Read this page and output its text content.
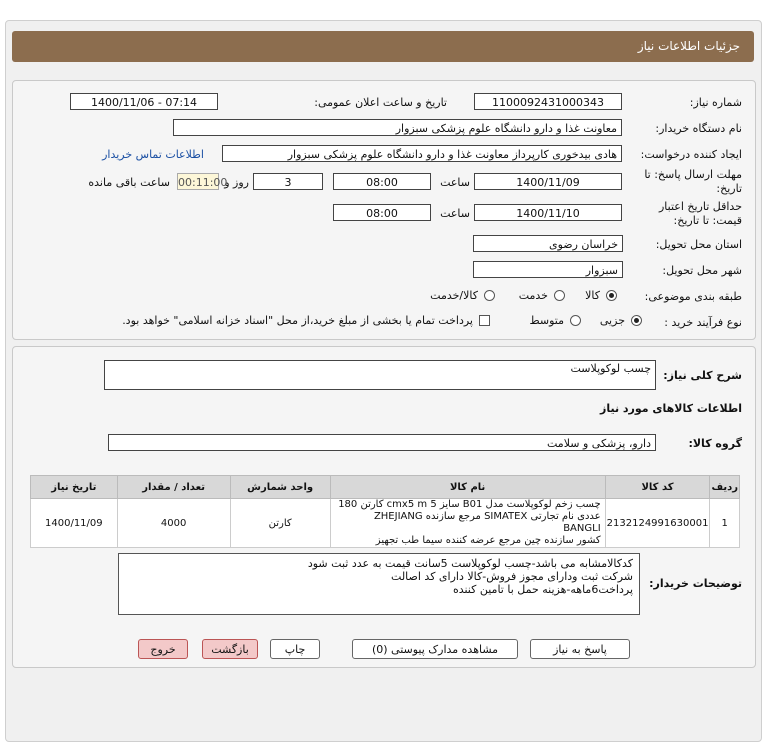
جزئيات اطلاعات نياز
شماره نیاز:
1100092431000343
تاریخ و ساعت اعلان عمومی:
1400/11/06 - 07:14
نام دستگاه خریدار:
معاونت غذا و دارو دانشگاه علوم پزشکی سبزوار
ایجاد کننده درخواست:
هادی بیدخوری کارپرداز معاونت غذا و دارو دانشگاه علوم پزشکی سبزوار
اطلاعات تماس خریدار
مهلت ارسال پاسخ: تا
تاریخ:
1400/11/09
ساعت
08:00
3
روز و
00:11:00
ساعت باقی مانده
حداقل تاریخ اعتبار
قیمت: تا تاریخ:
1400/11/10
ساعت
08:00
استان محل تحویل:
خراسان رضوی
شهر محل تحویل:
سبزوار
طبقه بندی موضوعی:
کالا
خدمت
کالا/خدمت
نوع فرآیند خرید :
جزیی
متوسط
پرداخت تمام یا بخشی از مبلغ خرید،از محل "اسناد خزانه اسلامی" خواهد بود.
شرح کلی نیاز:
چسب لوکوپلاست
اطلاعات کالاهای مورد نیاز
گروه کالا:
دارو، پزشکی و سلامت
ردیف	کد کالا	نام کالا	واحد شمارش	تعداد / مقدار	تاریخ نیاز
1	2132124991630001	چسب زخم لوکوپلاست مدل B01 سایز 5 cmx5 m کارتن 180
عددی نام تجارتی SIMATEX مرجع سازنده ZHEJIANG BANGLI
کشور سازنده چین مرجع عرضه کننده سیما طب تجهیز	کارتن	4000	1400/11/09
توضیحات خریدار:
کدکالامشابه می باشد-چسب لوکوپلاست 5سانت قیمت به عدد ثبت شود
شرکت ثبت ودارای مجوز فروش-کالا دارای کد اصالت
پرداخت6ماهه-هزینه حمل با تامین کننده
پاسخ به نیاز
مشاهده مدارک پیوستی (0)
چاپ
بازگشت
خروج
